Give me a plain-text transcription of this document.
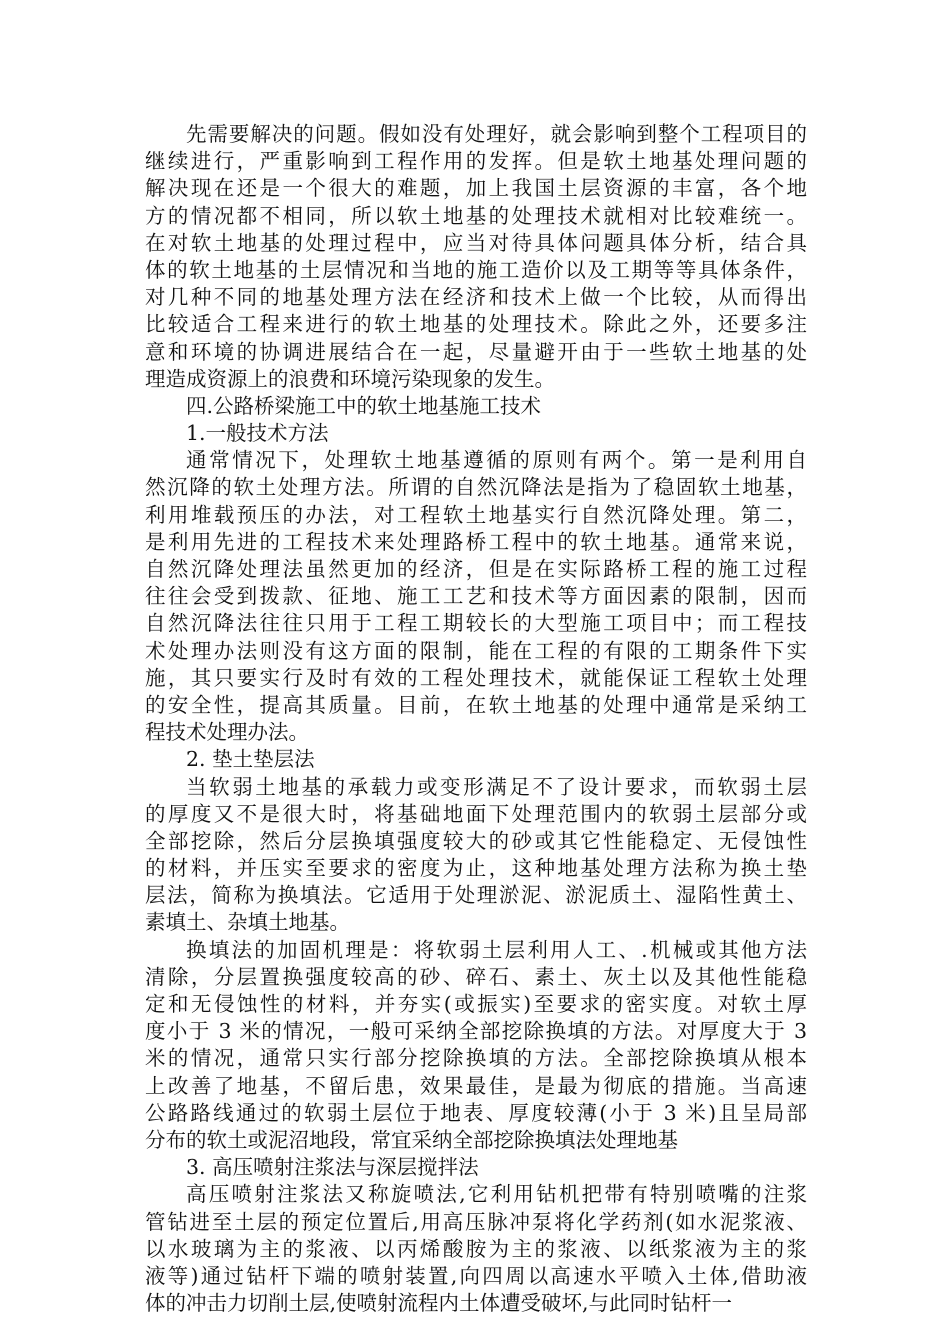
先需要解决的问题。假如没有处理好，就会影响到整个工程项目的
继续进行，严重影响到工程作用的发挥。但是软土地基处理问题的
解决现在还是一个很大的难题，加上我国土层资源的丰富，各个地
方的情况都不相同，所以软土地基的处理技术就相对比较难统一。
在对软土地基的处理过程中，应当对待具体问题具体分析，结合具
体的软土地基的土层情况和当地的施工造价以及工期等等具体条件，
对几种不同的地基处理方法在经济和技术上做一个比较，从而得出
比较适合工程来进行的软土地基的处理技术。除此之外，还要多注
意和环境的协调进展结合在一起，尽量避开由于一些软土地基的处
理造成资源上的浪费和环境污染现象的发生。
四.公路桥梁施工中的软土地基施工技术
1.一般技术方法
通常情况下，处理软土地基遵循的原则有两个。第一是利用自
然沉降的软土处理方法。所谓的自然沉降法是指为了稳固软土地基，
利用堆载预压的办法，对工程软土地基实行自然沉降处理。第二，
是利用先进的工程技术来处理路桥工程中的软土地基。通常来说，
自然沉降处理法虽然更加的经济，但是在实际路桥工程的施工过程
往往会受到拨款、征地、施工工艺和技术等方面因素的限制，因而
自然沉降法往往只用于工程工期较长的大型施工项目中；而工程技
术处理办法则没有这方面的限制，能在工程的有限的工期条件下实
施，其只要实行及时有效的工程处理技术，就能保证工程软土处理
的安全性，提高其质量。目前，在软土地基的处理中通常是采纳工
程技术处理办法。
2. 垫土垫层法
当软弱土地基的承载力或变形满足不了设计要求，而软弱土层
的厚度又不是很大时，将基础地面下处理范围内的软弱土层部分或
全部挖除，然后分层换填强度较大的砂或其它性能稳定、无侵蚀性
的材料，并压实至要求的密度为止，这种地基处理方法称为换土垫
层法，简称为换填法。它适用于处理淤泥、淤泥质土、湿陷性黄土、
素填土、杂填土地基。
换填法的加固机理是：将软弱土层利用人工、.机械或其他方法
清除，分层置换强度较高的砂、碎石、素土、灰土以及其他性能稳
定和无侵蚀性的材料，并夯实(或振实)至要求的密实度。对软土厚
度小于 3 米的情况，一般可采纳全部挖除换填的方法。对厚度大于 3
米的情况，通常只实行部分挖除换填的方法。全部挖除换填从根本
上改善了地基，不留后患，效果最佳，是最为彻底的措施。当高速
公路路线通过的软弱土层位于地表、厚度较薄(小于 3 米)且呈局部
分布的软土或泥沼地段，常宜采纳全部挖除换填法处理地基
3. 高压喷射注浆法与深层搅拌法
高压喷射注浆法又称旋喷法,它利用钻机把带有特别喷嘴的注浆
管钻进至土层的预定位置后,用高压脉冲泵将化学药剂(如水泥浆液、
以水玻璃为主的浆液、以丙烯酸胺为主的浆液、以纸浆液为主的浆
液等)通过钻杆下端的喷射装置,向四周以高速水平喷入土体,借助液
体的冲击力切削土层,使喷射流程内土体遭受破坏,与此同时钻杆一
